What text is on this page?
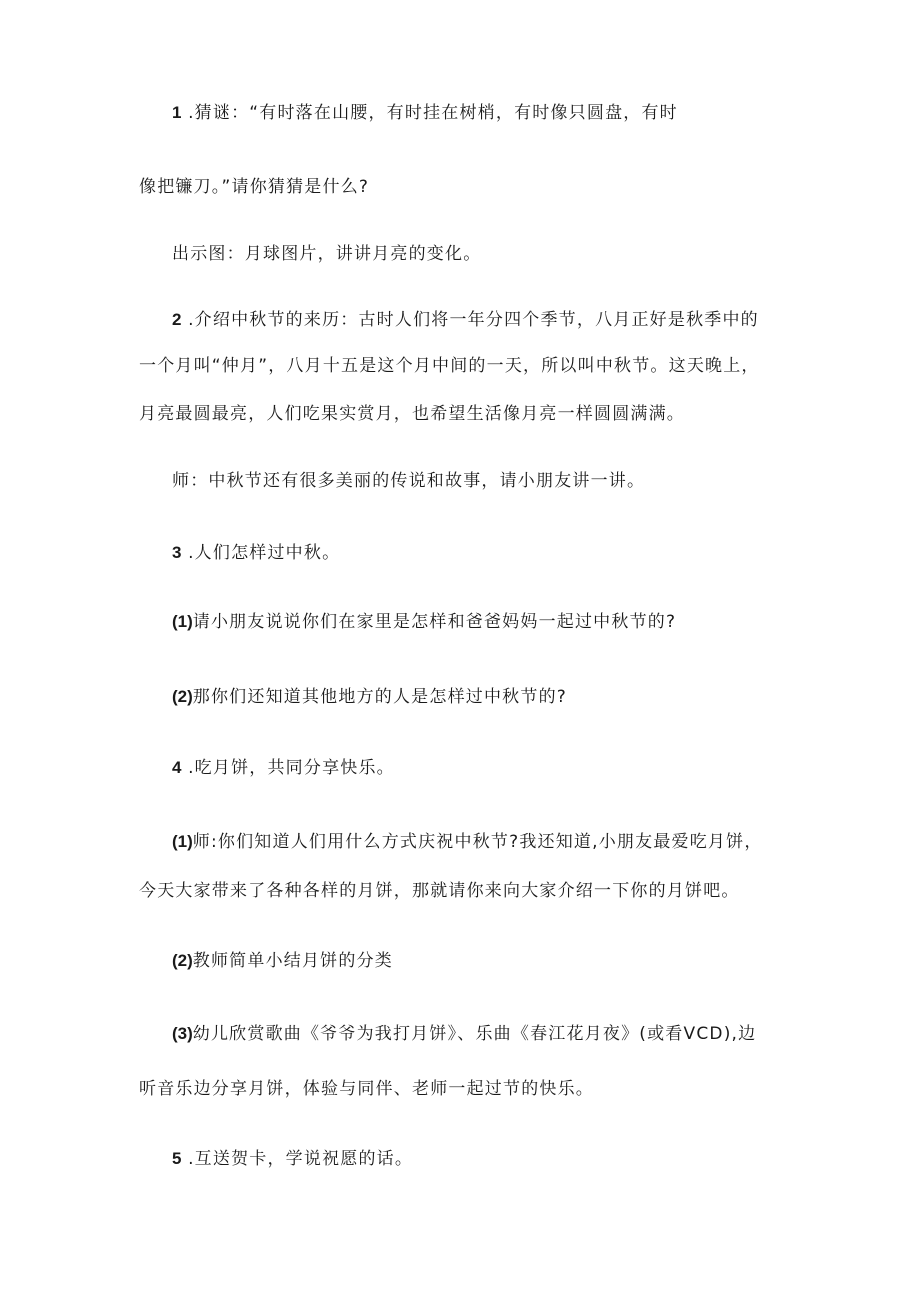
1 .猜谜：“有时落在山腰，有时挂在树梢，有时像只圆盘，有时
像把镰刀。”请你猜猜是什么?
出示图：月球图片，讲讲月亮的变化。
2 .介绍中秋节的来历：古时人们将一年分四个季节，八月正好是秋季中的
一个月叫“仲月”，八月十五是这个月中间的一天，所以叫中秋节。这天晚上，
月亮最圆最亮，人们吃果实赏月，也希望生活像月亮一样圆圆满满。
师：中秋节还有很多美丽的传说和故事，请小朋友讲一讲。
3 .人们怎样过中秋。
(1)请小朋友说说你们在家里是怎样和爸爸妈妈一起过中秋节的?
(2)那你们还知道其他地方的人是怎样过中秋节的?
4 .吃月饼，共同分享快乐。
(1)师:你们知道人们用什么方式庆祝中秋节?我还知道,小朋友最爱吃月饼，
今天大家带来了各种各样的月饼，那就请你来向大家介绍一下你的月饼吧。
(2)教师简单小结月饼的分类
(3)幼儿欣赏歌曲《爷爷为我打月饼》、乐曲《春江花月夜》(或看VCD),边
听音乐边分享月饼，体验与同伴、老师一起过节的快乐。
5 .互送贺卡，学说祝愿的话。
